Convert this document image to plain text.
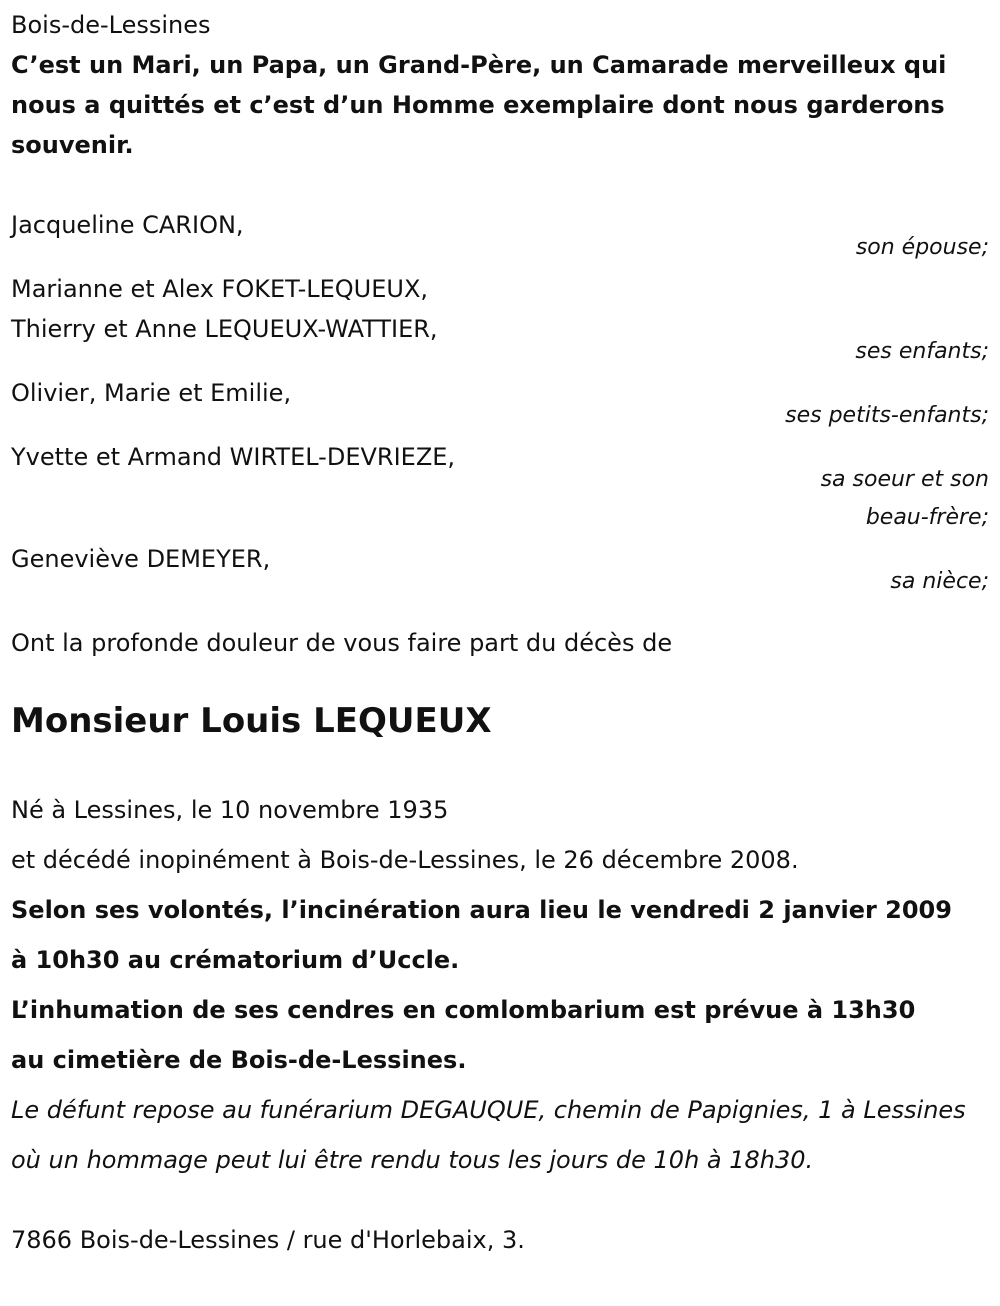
Bois-de-Lessines
C’est un Mari, un Papa, un Grand-Père, un Camarade merveilleux qui nous a quittés et c’est d’un Homme exemplaire dont nous garderons souvenir.
Jacqueline CARION,
son épouse;
Marianne et Alex FOKET-LEQUEUX,
Thierry et Anne LEQUEUX-WATTIER,
ses enfants;
Olivier, Marie et Emilie,
ses petits-enfants;
Yvette et Armand WIRTEL-DEVRIEZE,
sa soeur et son
beau-frère;
Geneviève DEMEYER,
sa nièce;
Ont la profonde douleur de vous faire part du décès de
Monsieur Louis LEQUEUX
Né à Lessines, le 10 novembre 1935
et décédé inopinément à Bois-de-Lessines, le 26 décembre 2008.
Selon ses volontés, l’incinération aura lieu le vendredi 2 janvier 2009
à 10h30 au crématorium d’Uccle.
L’inhumation de ses cendres en comlombarium est prévue à 13h30
au cimetière de Bois-de-Lessines.
Le défunt repose au funérarium DEGAUQUE, chemin de Papignies, 1 à Lessines
où un hommage peut lui être rendu tous les jours de 10h à 18h30.
7866 Bois-de-Lessines / rue d'Horlebaix, 3.
